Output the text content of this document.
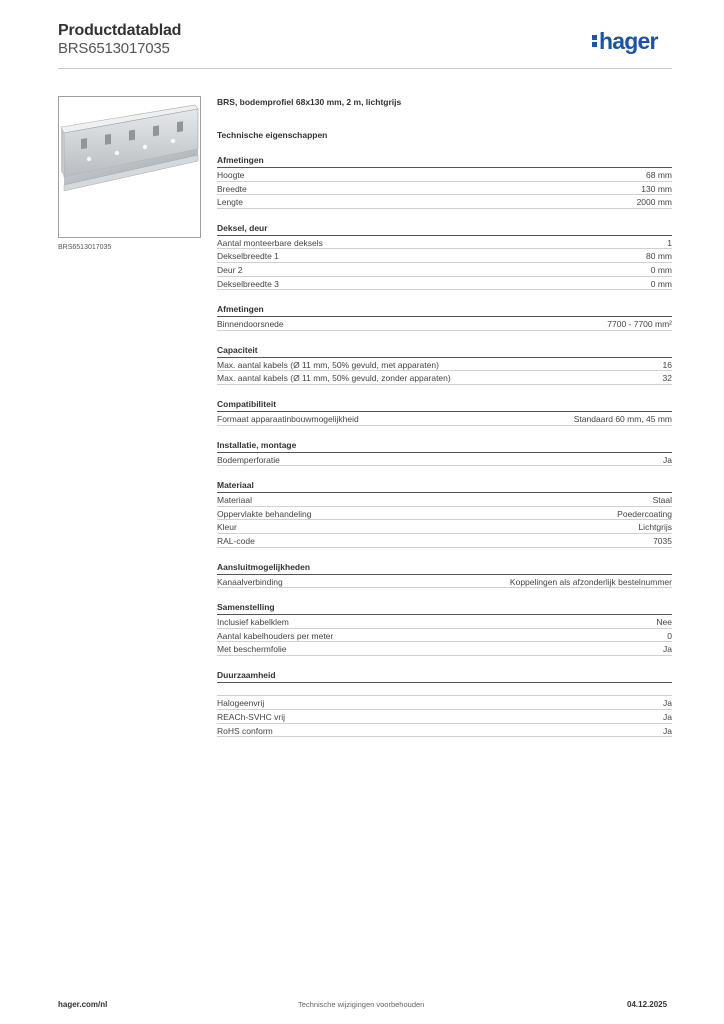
Productdatablad
BRS6513017035	hager
BRS6513017035
BRS, bodemprofiel 68x130 mm, 2 m, lichtgrijs
Technische eigenschappen
Afmetingen
Hoogte	68 mm
Breedte	130 mm
Lengte	2000 mm
Deksel, deur
Aantal monteerbare deksels	1
Dekselbreedte 1	80 mm
Deur 2	0 mm
Dekselbreedte 3	0 mm
Afmetingen
Binnendoorsnede	7700 - 7700 mm²
Capaciteit
Max. aantal kabels (Ø 11 mm, 50% gevuld, met apparaten)	16
Max. aantal kabels (Ø 11 mm, 50% gevuld, zonder apparaten)	32
Compatibiliteit
Formaat apparaatinbouwmogelijkheid	Standaard 60 mm, 45 mm
Installatie, montage
Bodemperforatie	Ja
Materiaal
Materiaal	Staal
Oppervlakte behandeling	Poedercoating
Kleur	Lichtgrijs
RAL-code	7035
Aansluitmogelijkheden
Kanaalverbinding	Koppelingen als afzonderlijk bestelnummer
Samenstelling
Inclusief kabelklem	Nee
Aantal kabelhouders per meter	0
Met beschermfolie	Ja
Duurzaamheid
Halogeenvrij	Ja
REACh-SVHC vrij	Ja
RoHS conform	Ja
hager.com/nl	Technische wijzigingen voorbehouden	04.12.2025
